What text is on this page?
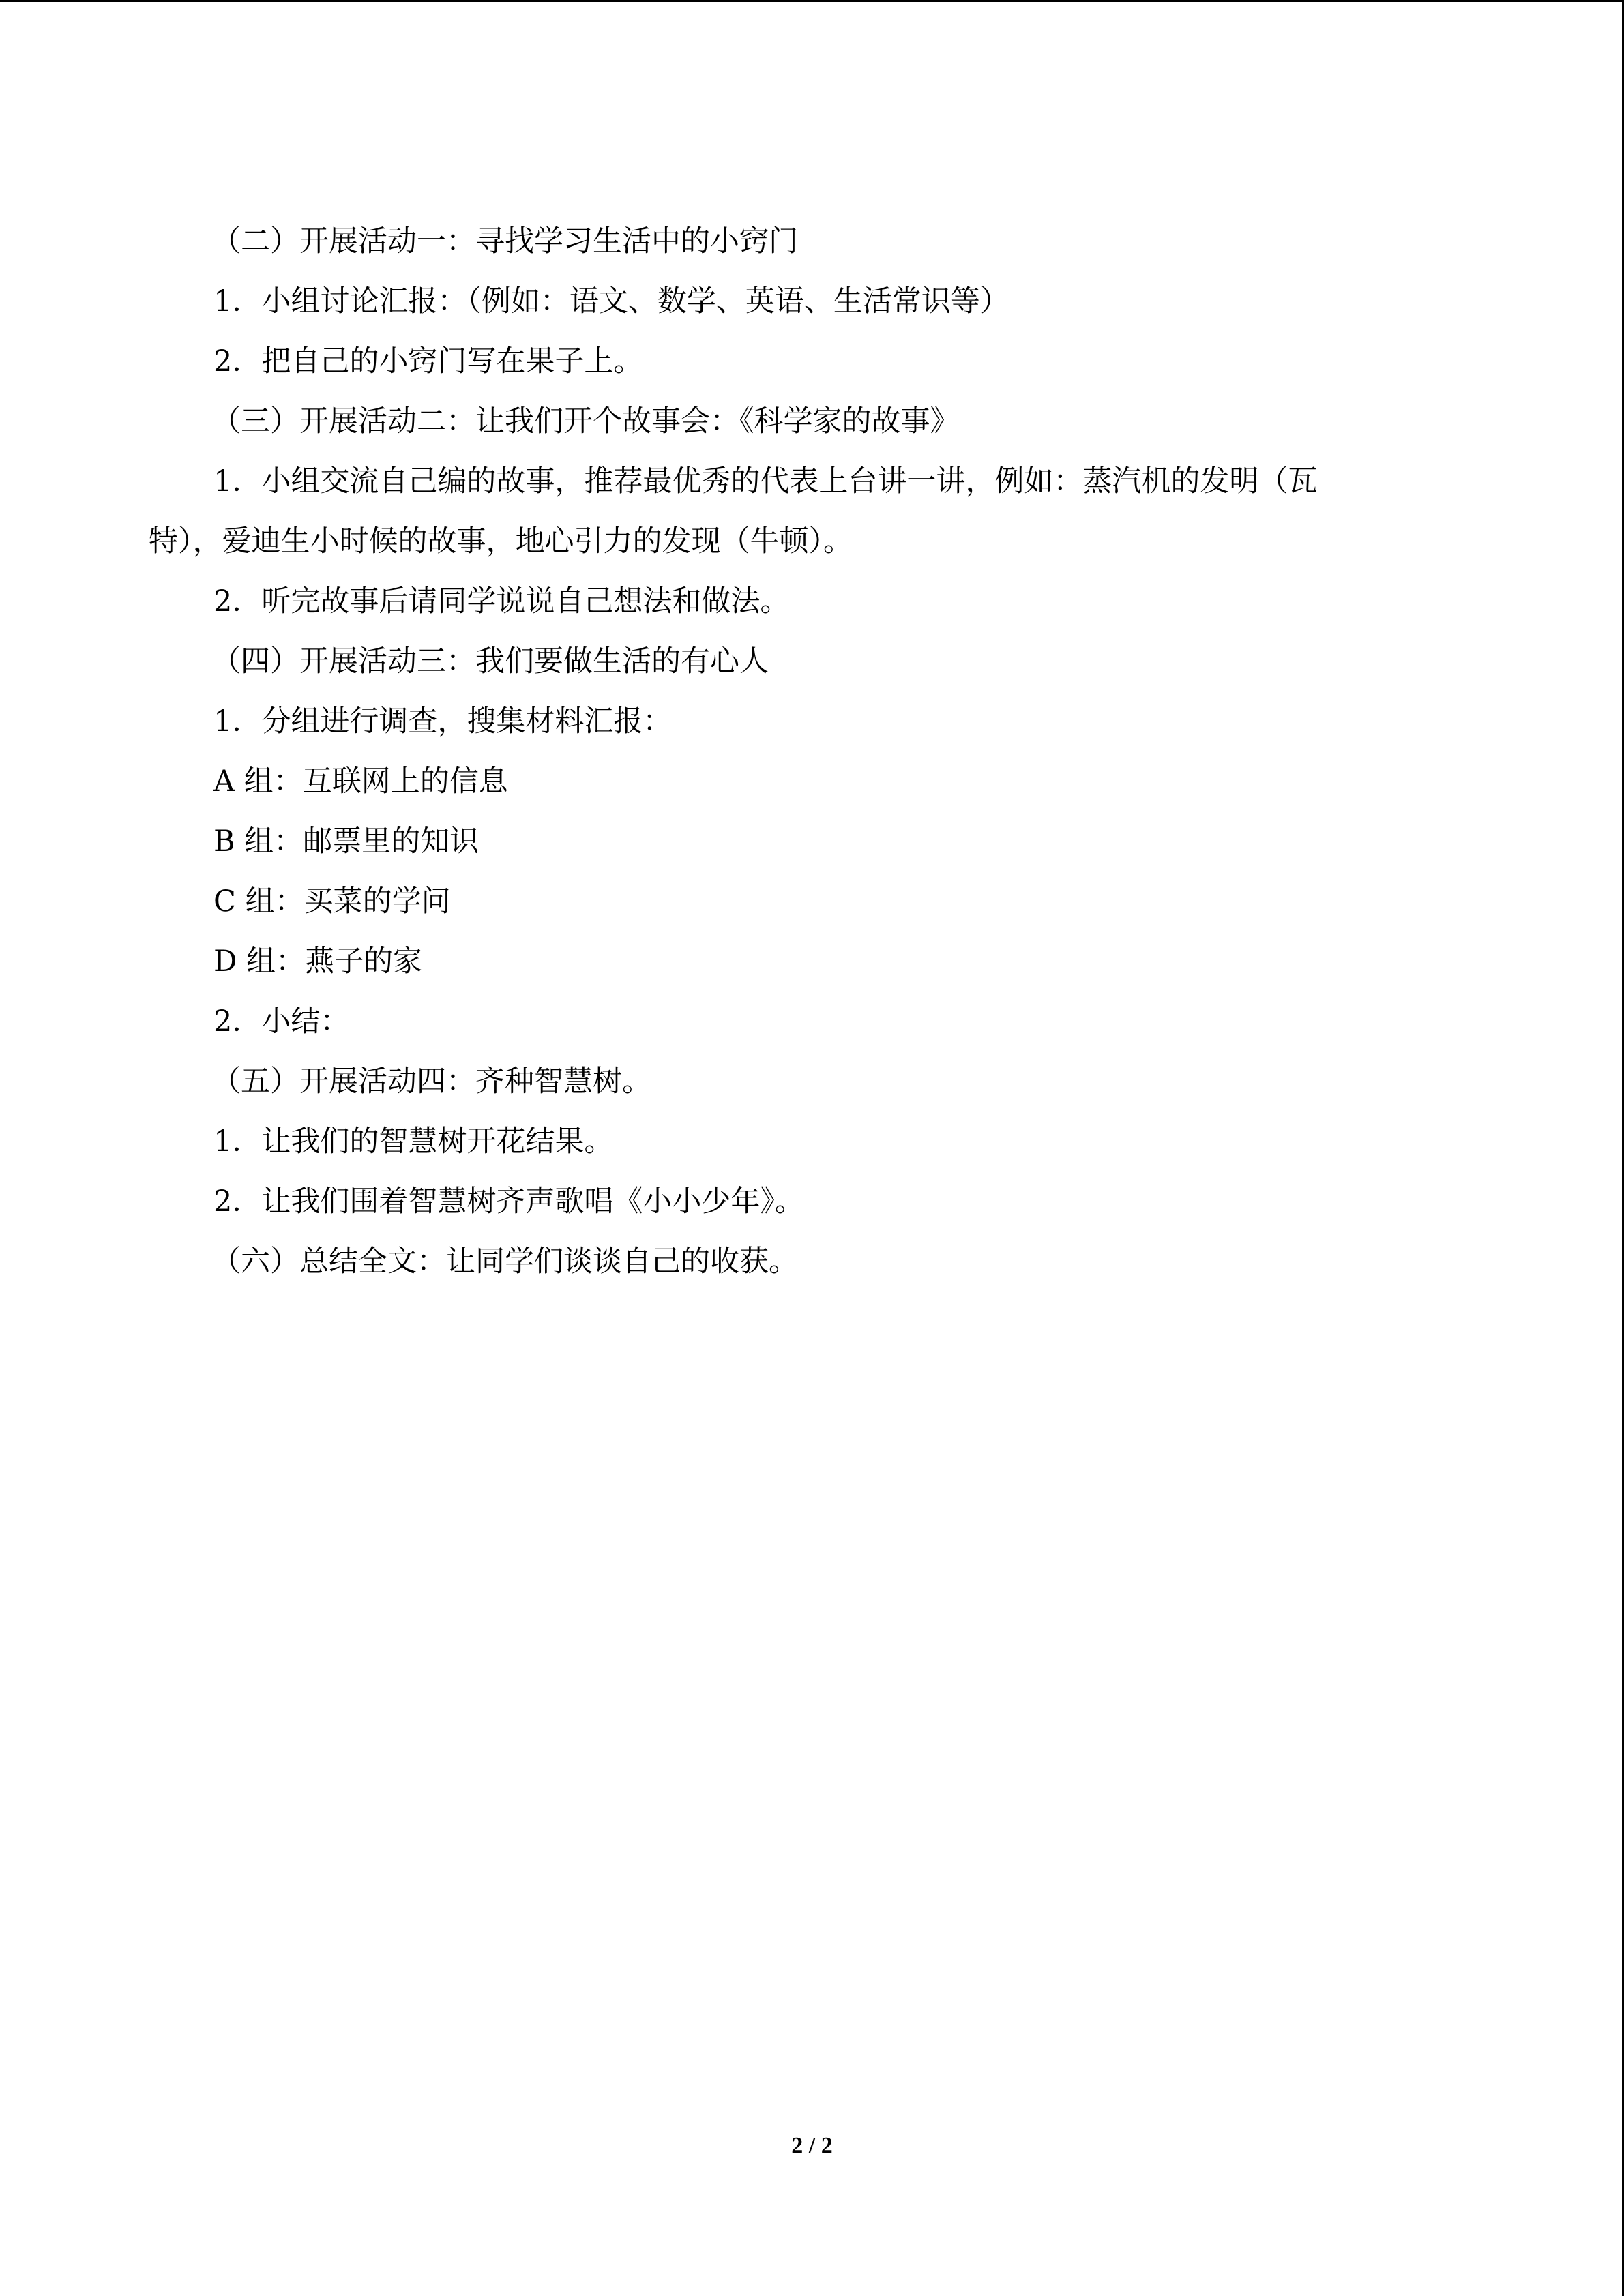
（二）开展活动一：寻找学习生活中的小窍门

1．小组讨论汇报：（例如：语文、数学、英语、生活常识等）

2．把自己的小窍门写在果子上。

（三）开展活动二：让我们开个故事会：《科学家的故事》

1．小组交流自己编的故事，推荐最优秀的代表上台讲一讲，例如：蒸汽机的发明（瓦
特），爱迪生小时候的故事，地心引力的发现（牛顿）。

2．听完故事后请同学说说自己想法和做法。

（四）开展活动三：我们要做生活的有心人

1．分组进行调查，搜集材料汇报：

A 组：互联网上的信息

B 组：邮票里的知识

C 组：买菜的学问

D 组：燕子的家

2．小结：

（五）开展活动四：齐种智慧树。

1．让我们的智慧树开花结果。

2．让我们围着智慧树齐声歌唱《小小少年》。

（六）总结全文：让同学们谈谈自己的收获。

2 / 2
